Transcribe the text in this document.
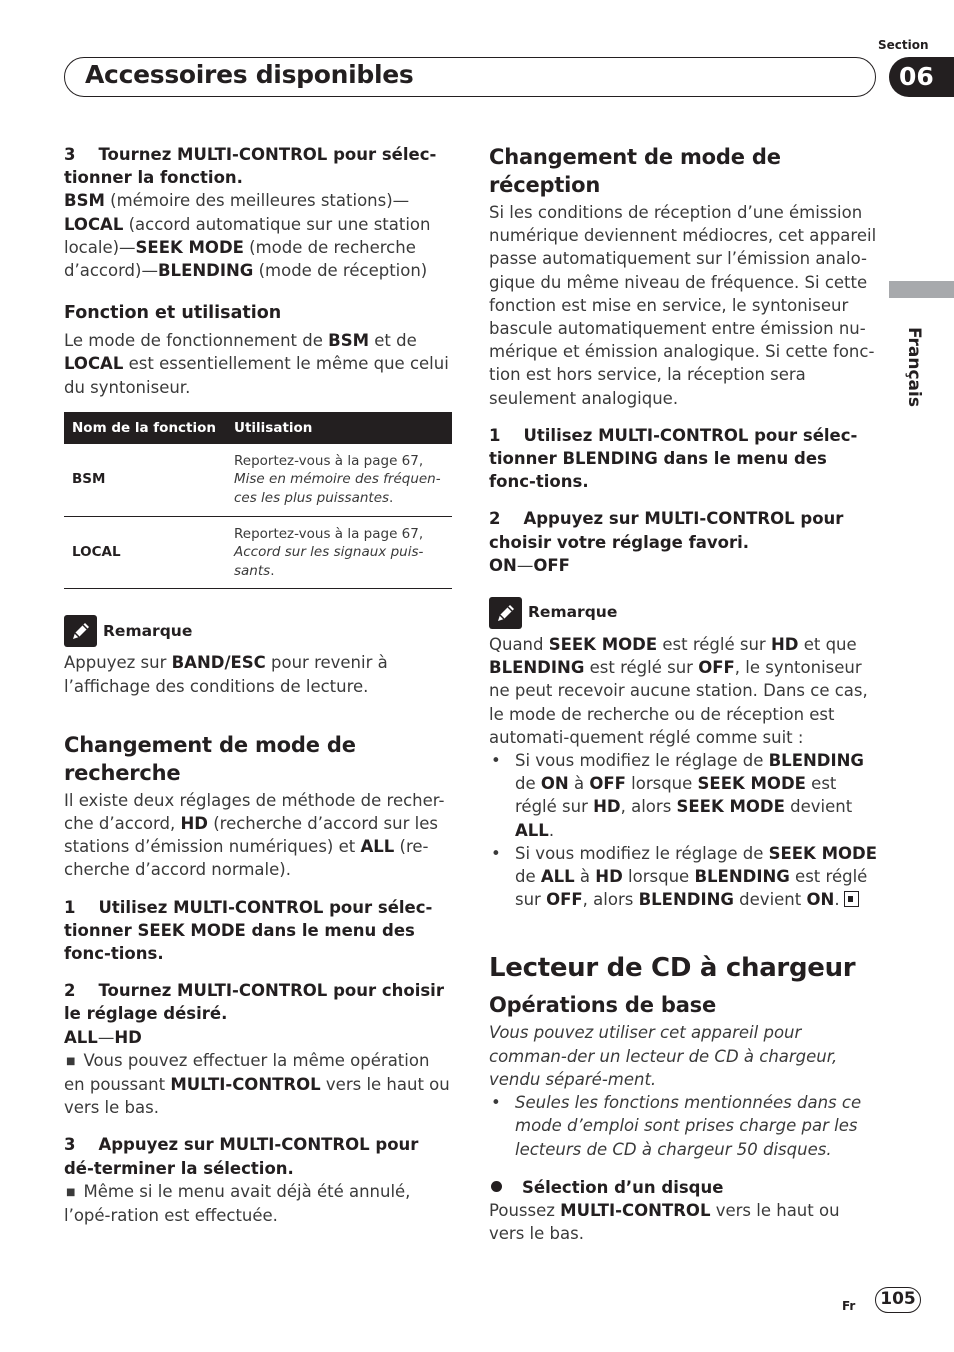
Accessoires disponibles
Section
06
Français

3 Tournez MULTI-CONTROL pour sélec-tionner la fonction.

BSM (mémoire des meilleures stations)—LOCAL (accord automatique sur une station locale)—SEEK MODE (mode de recherche d’accord)—BLENDING (mode de réception)

Fonction et utilisation

Le mode de fonctionnement de BSM et de LOCAL est essentiellement le même que celui du syntoniseur.

Nom de la fonction	Utilisation
BSM	Reportez-vous à la page 67,
Mise en mémoire des fréquen-ces les plus puissantes.
LOCAL	Reportez-vous à la page 67,
Accord sur les signaux puis-sants.
Remarque

Appuyez sur BAND/ESC pour revenir à l’affichage des conditions de lecture.

Changement de mode de recherche

Il existe deux réglages de méthode de recher-che d’accord, HD (recherche d’accord sur les stations d’émission numériques) et ALL (re-cherche d’accord normale).

1 Utilisez MULTI-CONTROL pour sélec-tionner SEEK MODE dans le menu des fonc-tions.

2 Tournez MULTI-CONTROL pour choisir le réglage désiré.

ALL—HD

■ Vous pouvez effectuer la même opération en poussant MULTI-CONTROL vers le haut ou vers le bas.

3 Appuyez sur MULTI-CONTROL pour dé-terminer la sélection.

■ Même si le menu avait déjà été annulé, l’opé-ration est effectuée.

Changement de mode de réception

Si les conditions de réception d’une émission numérique deviennent médiocres, cet appareil passe automatiquement sur l’émission analo-gique du même niveau de fréquence. Si cette fonction est mise en service, le syntoniseur bascule automatiquement entre émission nu-mérique et émission analogique. Si cette fonc-tion est hors service, la réception sera seulement analogique.

1 Utilisez MULTI-CONTROL pour sélec-tionner BLENDING dans le menu des fonc-tions.

2 Appuyez sur MULTI-CONTROL pour choisir votre réglage favori.

ON—OFF

Remarque

Quand SEEK MODE est réglé sur HD et que BLENDING est réglé sur OFF, le syntoniseur ne peut recevoir aucune station. Dans ce cas, le mode de recherche ou de réception est automati-quement réglé comme suit :

• Si vous modifiez le réglage de BLENDING de ON à OFF lorsque SEEK MODE est réglé sur HD, alors SEEK MODE devient ALL.

• Si vous modifiez le réglage de SEEK MODE de ALL à HD lorsque BLENDING est réglé sur OFF, alors BLENDING devient ON.

Lecteur de CD à chargeur

Opérations de base

Vous pouvez utiliser cet appareil pour comman-der un lecteur de CD à chargeur, vendu séparé-ment.

• Seules les fonctions mentionnées dans ce mode d’emploi sont prises charge par les lecteurs de CD à chargeur 50 disques.

Sélection d’un disque

Poussez MULTI-CONTROL vers le haut ou vers le bas.

Fr	105
